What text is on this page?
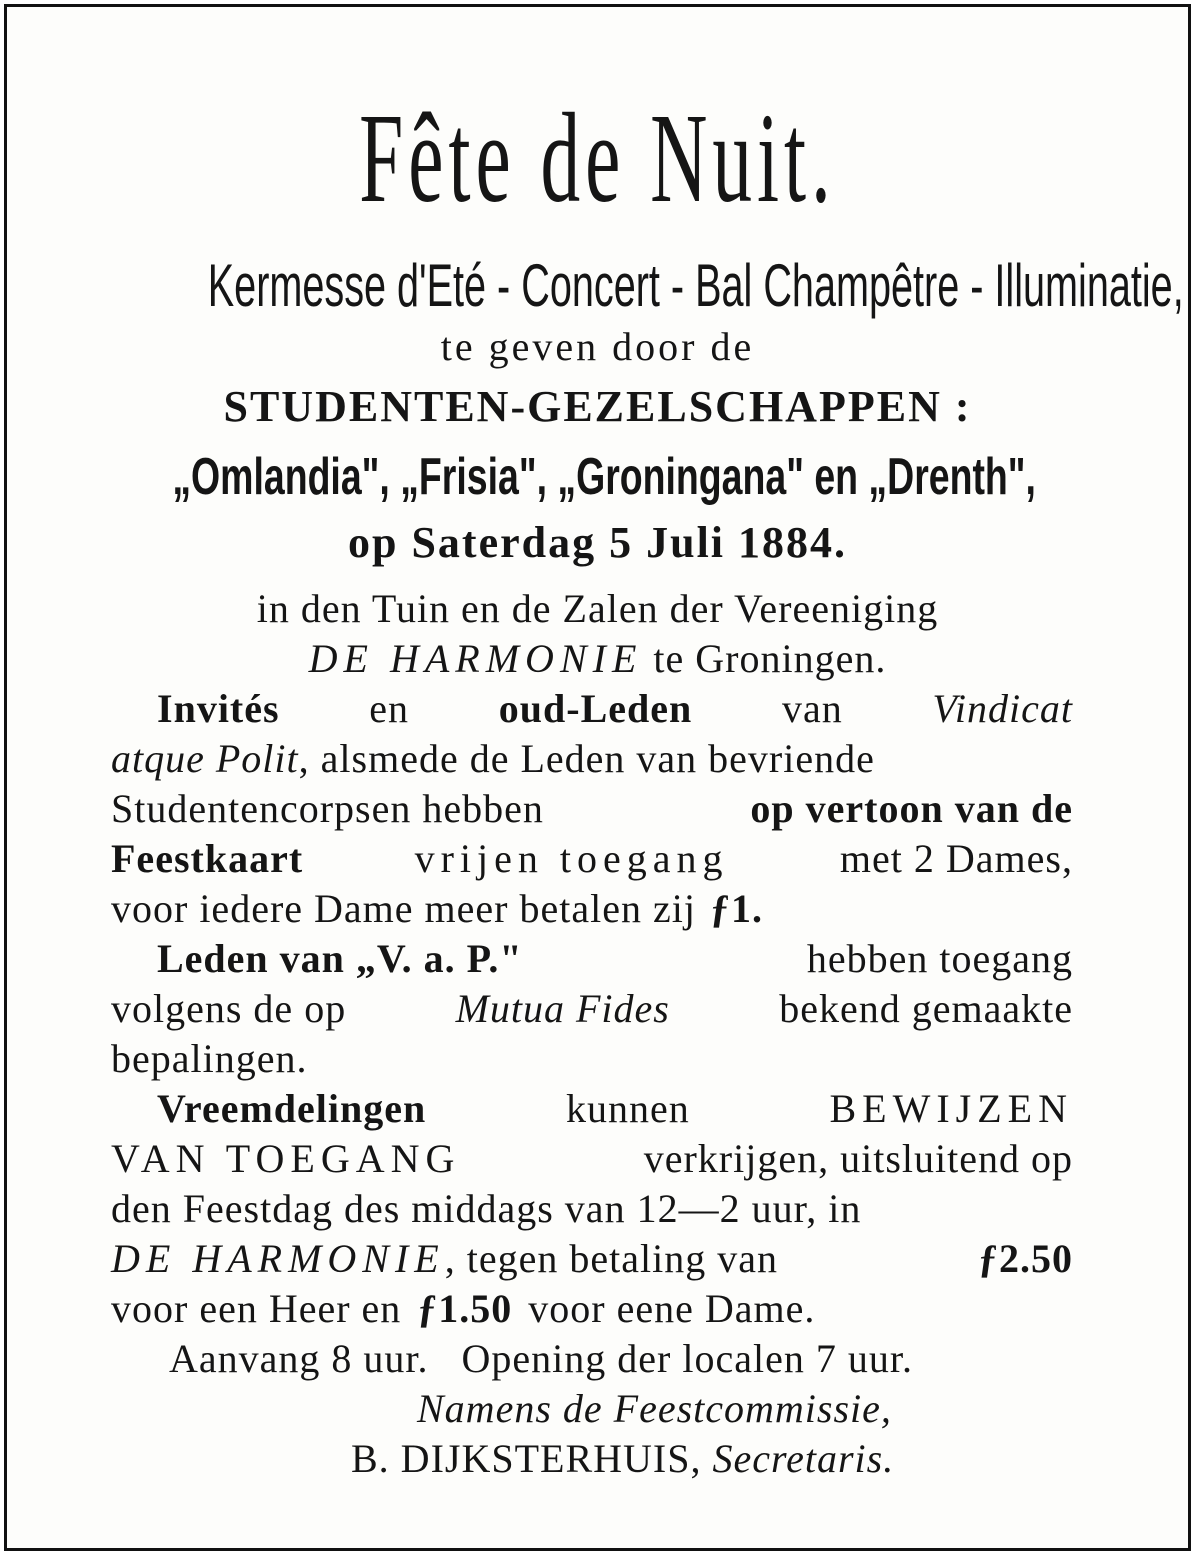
Fête de Nuit.
Kermesse d'Eté - Concert - Bal Champêtre - Illuminatie,
te geven door de
STUDENTEN-GEZELSCHAPPEN :
„Omlandia", „Frisia", „Groningana" en „Drenth",
op Saterdag 5 Juli 1884.
in den Tuin en de Zalen der Vereeniging
DE HARMONIE te Groningen.
Invités en oud-Leden van Vindicat
atque Polit, alsmede de Leden van bevriende
Studentencorpsen hebben	op vertoon van de
Feestkaart	vrijen toegang	met 2 Dames,
voor iedere Dame meer betalen zij ƒ1.
Leden van „V. a. P."	hebben toegang
volgens de op	Mutua Fides	bekend gemaakte
bepalingen.
Vreemdelingen	kunnen	BEWIJZEN
VAN TOEGANG	verkrijgen, uitsluitend op
den Feestdag des middags van 12—2 uur, in
DE HARMONIE, tegen betaling van	ƒ2.50
voor een Heer en ƒ1.50 voor eene Dame.
Aanvang 8 uur.   Opening der localen 7 uur.
Namens de Feestcommissie,
B. DIJKSTERHUIS, Secretaris.
